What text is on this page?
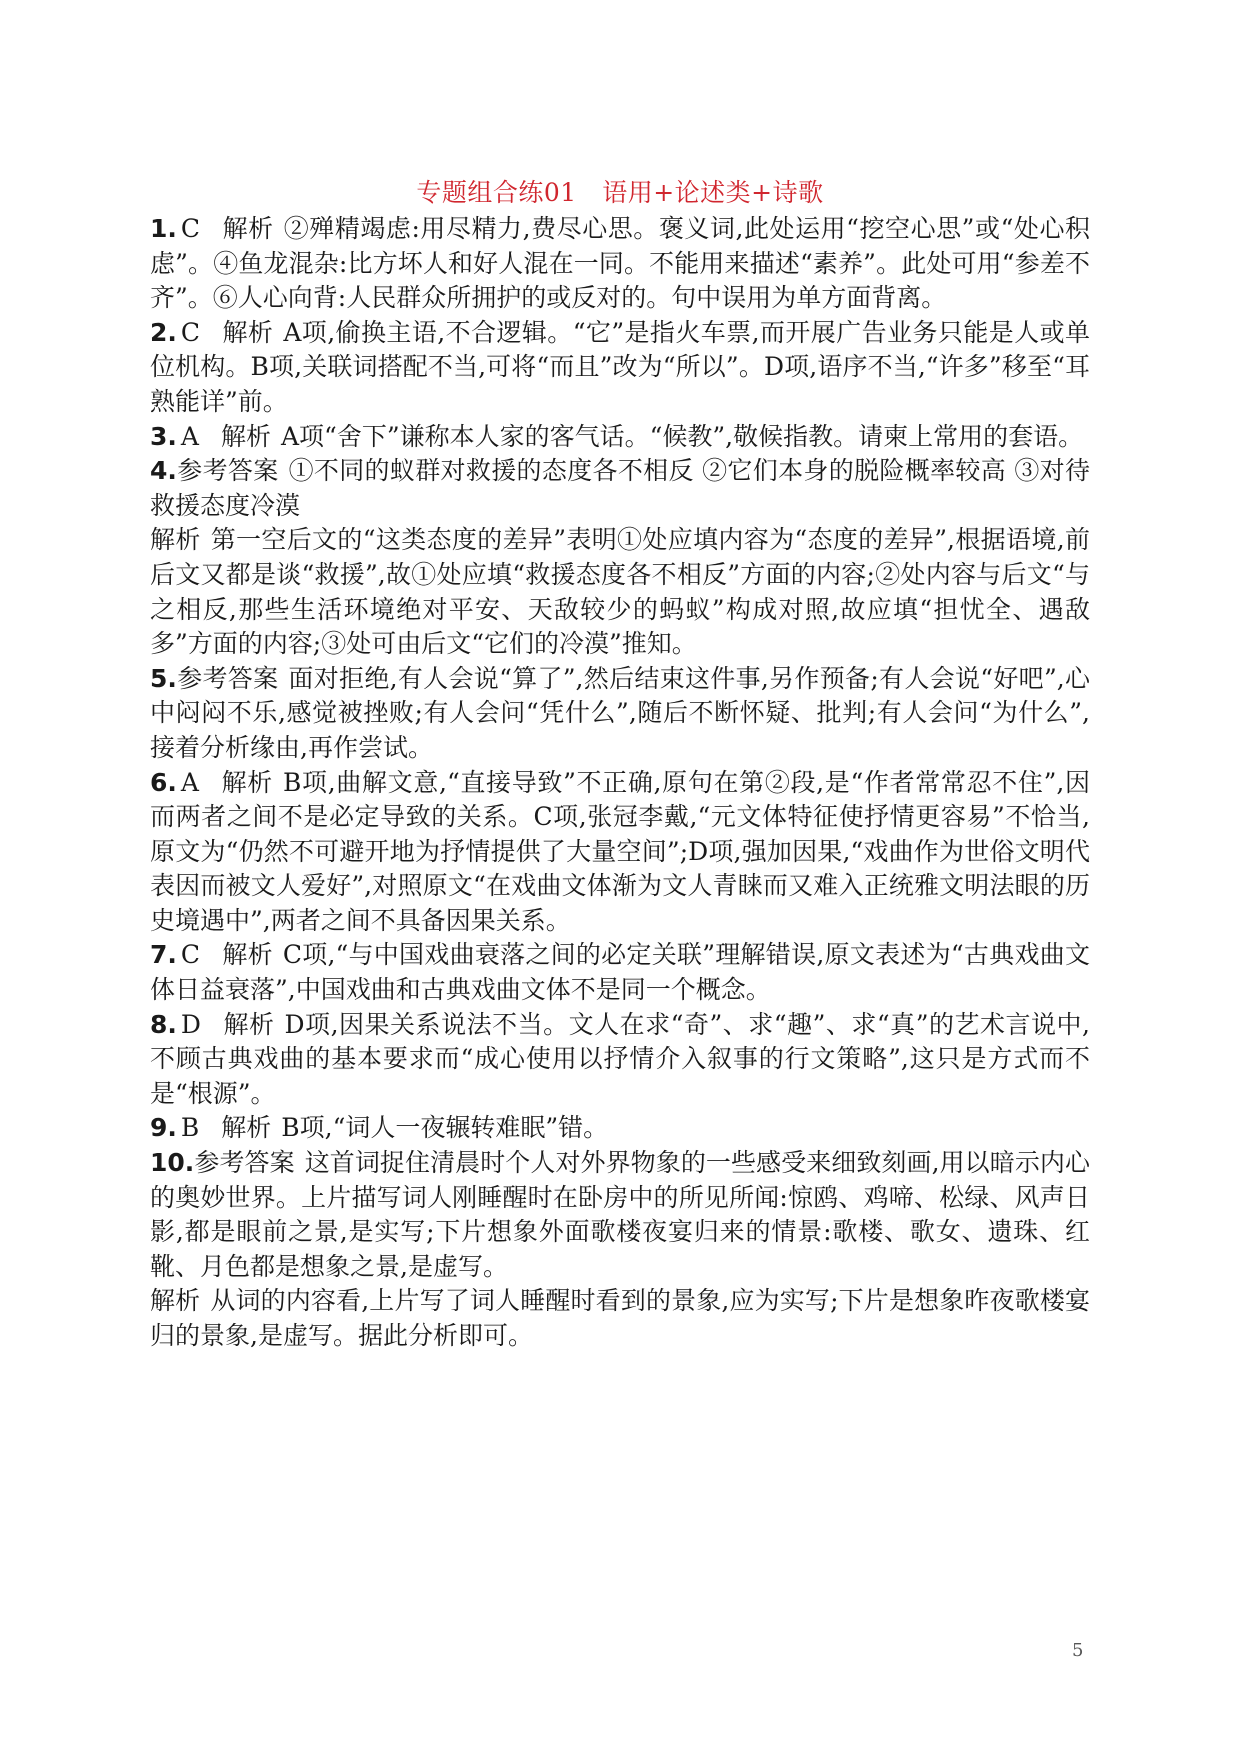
专题组合练01　语用+论述类+诗歌

1. C 解析 ②殚精竭虑:用尽精力,费尽心思。褒义词,此处运用“挖空心思”或“处心积虑”。④鱼龙混杂:比方坏人和好人混在一同。不能用来描述“素养”。此处可用“参差不齐”。⑥人心向背:人民群众所拥护的或反对的。句中误用为单方面背离。

2. C 解析 A项,偷换主语,不合逻辑。“它”是指火车票,而开展广告业务只能是人或单位机构。B项,关联词搭配不当,可将“而且”改为“所以”。D项,语序不当,“许多”移至“耳熟能详”前。

3. A 解析 A项“舍下”谦称本人家的客气话。“候教”,敬候指教。请柬上常用的套语。

4.参考答案 ①不同的蚁群对救援的态度各不相反 ②它们本身的脱险概率较高 ③对待救援态度冷漠

解析 第一空后文的“这类态度的差异”表明①处应填内容为“态度的差异”,根据语境,前后文又都是谈“救援”,故①处应填“救援态度各不相反”方面的内容;②处内容与后文“与之相反,那些生活环境绝对平安、天敌较少的蚂蚁”构成对照,故应填“担忧全、遇敌多”方面的内容;③处可由后文“它们的冷漠”推知。

5.参考答案 面对拒绝,有人会说“算了”,然后结束这件事,另作预备;有人会说“好吧”,心中闷闷不乐,感觉被挫败;有人会问“凭什么”,随后不断怀疑、批判;有人会问“为什么”,接着分析缘由,再作尝试。

6. A 解析 B项,曲解文意,“直接导致”不正确,原句在第②段,是“作者常常忍不住”,因而两者之间不是必定导致的关系。C项,张冠李戴,“元文体特征使抒情更容易”不恰当,原文为“仍然不可避开地为抒情提供了大量空间”;D项,强加因果,“戏曲作为世俗文明代表因而被文人爱好”,对照原文“在戏曲文体渐为文人青睐而又难入正统雅文明法眼的历史境遇中”,两者之间不具备因果关系。

7. C 解析 C项,“与中国戏曲衰落之间的必定关联”理解错误,原文表述为“古典戏曲文体日益衰落”,中国戏曲和古典戏曲文体不是同一个概念。

8. D 解析 D项,因果关系说法不当。文人在求“奇”、求“趣”、求“真”的艺术言说中,不顾古典戏曲的基本要求而“成心使用以抒情介入叙事的行文策略”,这只是方式而不是“根源”。

9. B 解析 B项,“词人一夜辗转难眠”错。

10.参考答案 这首词捉住清晨时个人对外界物象的一些感受来细致刻画,用以暗示内心的奥妙世界。上片描写词人刚睡醒时在卧房中的所见所闻:惊鸥、鸡啼、松绿、风声日影,都是眼前之景,是实写;下片想象外面歌楼夜宴归来的情景:歌楼、歌女、遗珠、红靴、月色都是想象之景,是虚写。

解析 从词的内容看,上片写了词人睡醒时看到的景象,应为实写;下片是想象昨夜歌楼宴归的景象,是虚写。据此分析即可。

5
